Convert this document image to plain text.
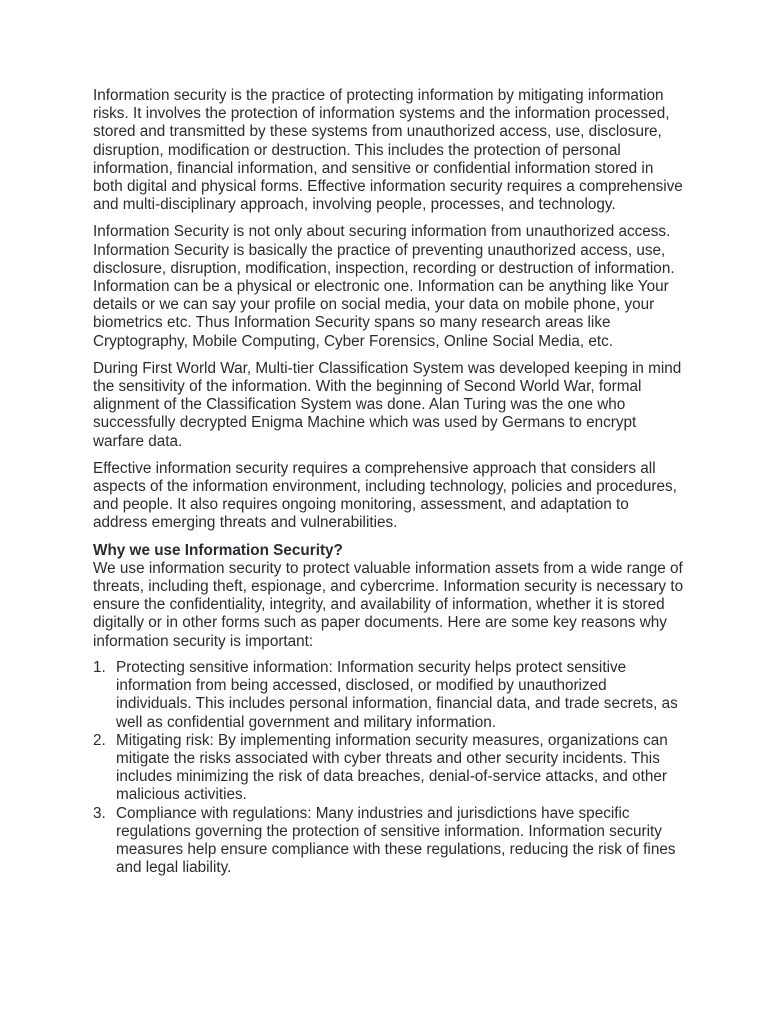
Information security is the practice of protecting information by mitigating information risks. It involves the protection of information systems and the information processed, stored and transmitted by these systems from unauthorized access, use, disclosure, disruption, modification or destruction. This includes the protection of personal information, financial information, and sensitive or confidential information stored in both digital and physical forms. Effective information security requires a comprehensive and multi-disciplinary approach, involving people, processes, and technology.

Information Security is not only about securing information from unauthorized access. Information Security is basically the practice of preventing unauthorized access, use, disclosure, disruption, modification, inspection, recording or destruction of information. Information can be a physical or electronic one. Information can be anything like Your details or we can say your profile on social media, your data on mobile phone, your biometrics etc. Thus Information Security spans so many research areas like Cryptography, Mobile Computing, Cyber Forensics, Online Social Media, etc.

During First World War, Multi-tier Classification System was developed keeping in mind the sensitivity of the information. With the beginning of Second World War, formal alignment of the Classification System was done. Alan Turing was the one who successfully decrypted Enigma Machine which was used by Germans to encrypt warfare data.

Effective information security requires a comprehensive approach that considers all aspects of the information environment, including technology, policies and procedures, and people. It also requires ongoing monitoring, assessment, and adaptation to address emerging threats and vulnerabilities.

Why we use Information Security?

We use information security to protect valuable information assets from a wide range of threats, including theft, espionage, and cybercrime. Information security is necessary to ensure the confidentiality, integrity, and availability of information, whether it is stored digitally or in other forms such as paper documents. Here are some key reasons why information security is important:

1. Protecting sensitive information: Information security helps protect sensitive information from being accessed, disclosed, or modified by unauthorized individuals. This includes personal information, financial data, and trade secrets, as well as confidential government and military information.
2. Mitigating risk: By implementing information security measures, organizations can mitigate the risks associated with cyber threats and other security incidents. This includes minimizing the risk of data breaches, denial-of-service attacks, and other malicious activities.
3. Compliance with regulations: Many industries and jurisdictions have specific regulations governing the protection of sensitive information. Information security measures help ensure compliance with these regulations, reducing the risk of fines and legal liability.
